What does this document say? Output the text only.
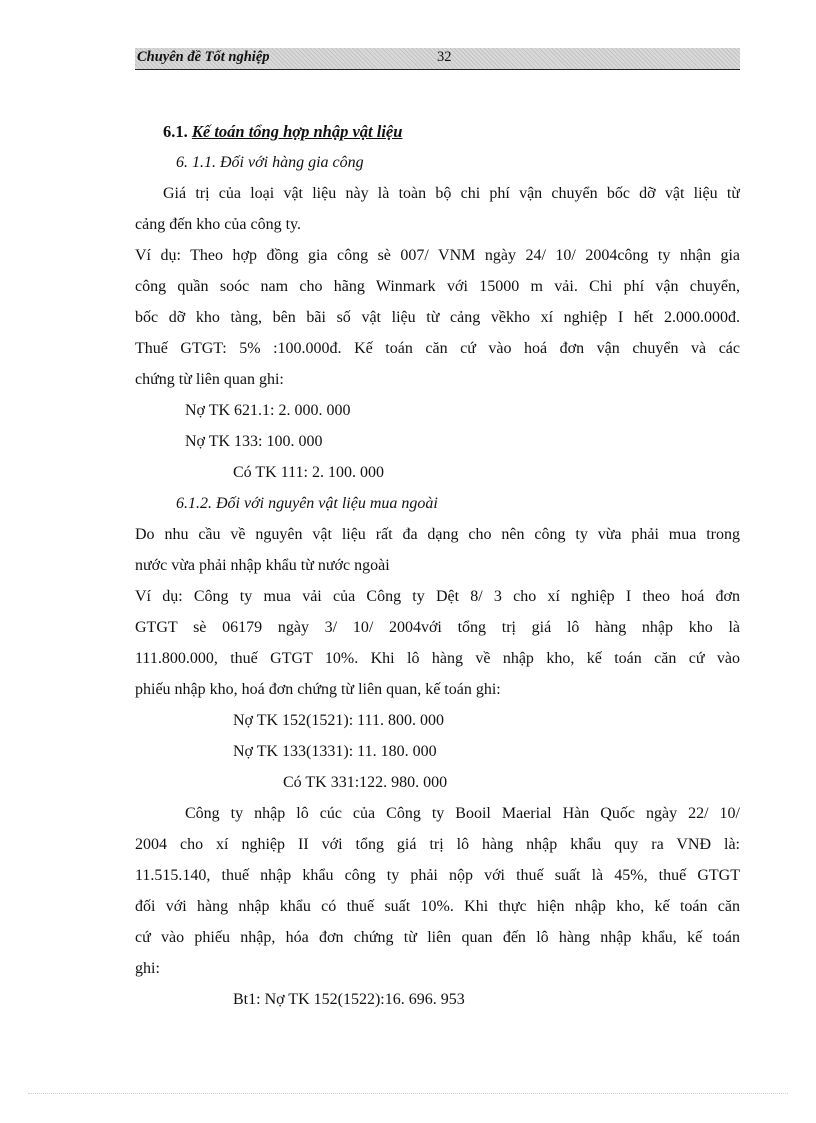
Chuyên đề Tốt nghiệp	32
6.1. Kế toán tổng hợp nhập vật liệu
6. 1.1. Đối với hàng gia công
Giá trị của loại vật liệu này là toàn bộ chi phí vận chuyển bốc dỡ vật liệu từ
cảng đến kho của công ty.
Ví dụ: Theo hợp đồng gia công sè 007/ VNM ngày 24/ 10/ 2004công ty nhận gia
công quần soóc nam cho hãng Winmark với 15000 m vải. Chi phí vận chuyển,
bốc dỡ kho tàng, bên bãi số vật liệu từ cảng vềkho xí nghiệp I hết 2.000.000đ.
Thuế GTGT: 5% :100.000đ. Kế toán căn cứ vào hoá đơn vận chuyển và các
chứng từ liên quan ghi:
Nợ TK 621.1: 2. 000. 000
Nợ TK 133: 100. 000
Có TK 111: 2. 100. 000
6.1.2. Đối với nguyên vật liệu mua ngoài
Do nhu cầu về nguyên vật liệu rất đa dạng cho nên công ty vừa phải mua trong
nước vừa phải nhập khẩu từ nước ngoài
Ví dụ: Công ty mua vải của Công ty Dệt 8/ 3 cho xí nghiệp I theo hoá đơn
GTGT sè 06179 ngày 3/ 10/ 2004với tổng trị giá lô hàng nhập kho là
111.800.000, thuế GTGT 10%. Khi lô hàng về nhập kho, kế toán căn cứ vào
phiếu nhập kho, hoá đơn chứng từ liên quan, kế toán ghi:
Nợ TK 152(1521): 111. 800. 000
Nợ TK 133(1331): 11. 180. 000
Có TK 331:122. 980. 000
Công ty nhập lô cúc của Công ty Booil Maerial Hàn Quốc ngày 22/ 10/
2004 cho xí nghiệp II với tổng giá trị lô hàng nhập khẩu quy ra VNĐ là:
11.515.140, thuế nhập khẩu công ty phải nộp với thuế suất là 45%, thuế GTGT
đối với hàng nhập khẩu có thuế suất 10%. Khi thực hiện nhập kho, kế toán căn
cứ vào phiếu nhập, hóa đơn chứng từ liên quan đến lô hàng nhập khẩu, kế toán
ghi:
Bt1: Nợ TK 152(1522):16. 696. 953
